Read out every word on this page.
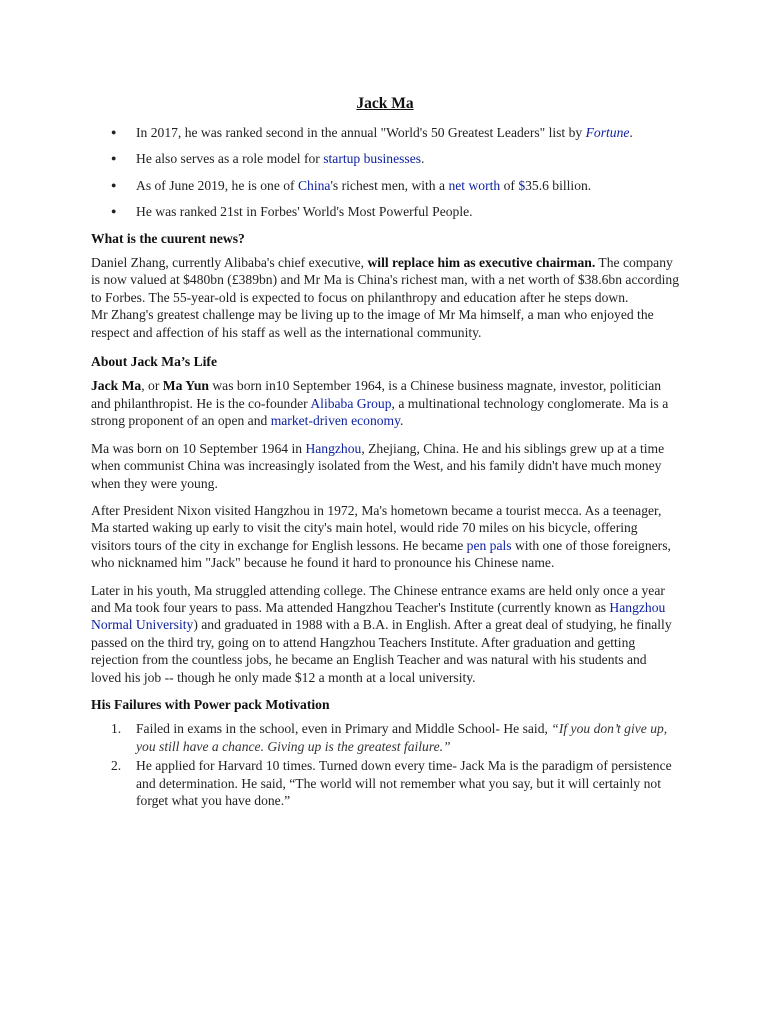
Jack Ma
● In 2017, he was ranked second in the annual "World's 50 Greatest Leaders" list by Fortune.
● He also serves as a role model for startup businesses.
● As of June 2019, he is one of China's richest men, with a net worth of $35.6 billion.
● He was ranked 21st in Forbes' World's Most Powerful People.
What is the cuurent news?

Daniel Zhang, currently Alibaba's chief executive, will replace him as executive chairman. The company is now valued at $480bn (£389bn) and Mr Ma is China's richest man, with a net worth of $38.6bn according to Forbes. The 55-year-old is expected to focus on philanthropy and education after he steps down.

Mr Zhang's greatest challenge may be living up to the image of Mr Ma himself, a man who enjoyed the respect and affection of his staff as well as the international community.

About Jack Ma’s Life

Jack Ma, or Ma Yun was born in10 September 1964, is a Chinese business magnate, investor, politician and philanthropist. He is the co-founder Alibaba Group, a multinational technology conglomerate. Ma is a strong proponent of an open and market-driven economy.

Ma was born on 10 September 1964 in Hangzhou, Zhejiang, China. He and his siblings grew up at a time when communist China was increasingly isolated from the West, and his family didn't have much money when they were young.

After President Nixon visited Hangzhou in 1972, Ma's hometown became a tourist mecca. As a teenager, Ma started waking up early to visit the city's main hotel, would ride 70 miles on his bicycle, offering visitors tours of the city in exchange for English lessons. He became pen pals with one of those foreigners, who nicknamed him "Jack" because he found it hard to pronounce his Chinese name.

Later in his youth, Ma struggled attending college. The Chinese entrance exams are held only once a year and Ma took four years to pass. Ma attended Hangzhou Teacher's Institute (currently known as Hangzhou Normal University) and graduated in 1988 with a B.A. in English. After a great deal of studying, he finally passed on the third try, going on to attend Hangzhou Teachers Institute. After graduation and getting rejection from the countless jobs, he became an English Teacher and was natural with his students and loved his job -- though he only made $12 a month at a local university.

His Failures with Power pack Motivation
1. Failed in exams in the school, even in Primary and Middle School- He said, “If you don’t give up, you still have a chance. Giving up is the greatest failure.”
2. He applied for Harvard 10 times. Turned down every time- Jack Ma is the paradigm of persistence and determination. He said, “The world will not remember what you say, but it will certainly not forget what you have done.”
